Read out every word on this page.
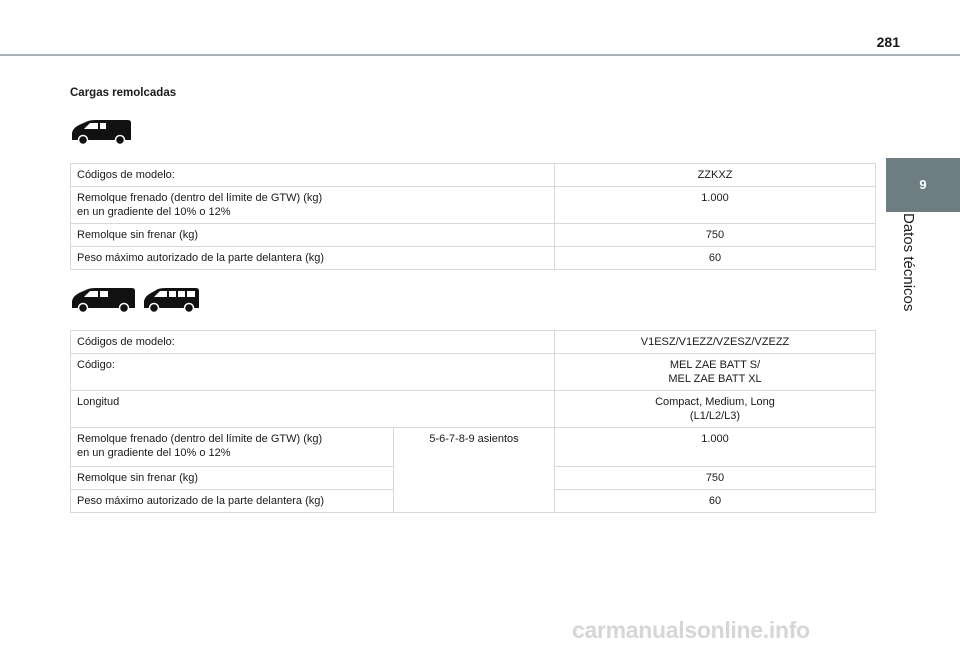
281
9
Datos técnicos
Cargas remolcadas
Códigos de modelo:	ZZKXZ

Remolque frenado (dentro del límite de GTW) (kg)
en un gradiente del 10% o 12%	1.000
Remolque sin frenar (kg)	750
Peso máximo autorizado de la parte delantera (kg)	60
Códigos de modelo:		V1ESZ/V1EZZ/VZESZ/VZEZZ
Código:		MEL ZAE BATT S/
MEL ZAE BATT XL

Longitud		Compact, Medium, Long
(L1/L2/L3)

Remolque frenado (dentro del límite de GTW) (kg)
en un gradiente del 10% o 12%	5-6-7-8-9 asientos	1.000
Remolque sin frenar (kg)		750
Peso máximo autorizado de la parte delantera (kg)		60
carmanualsonline.info
